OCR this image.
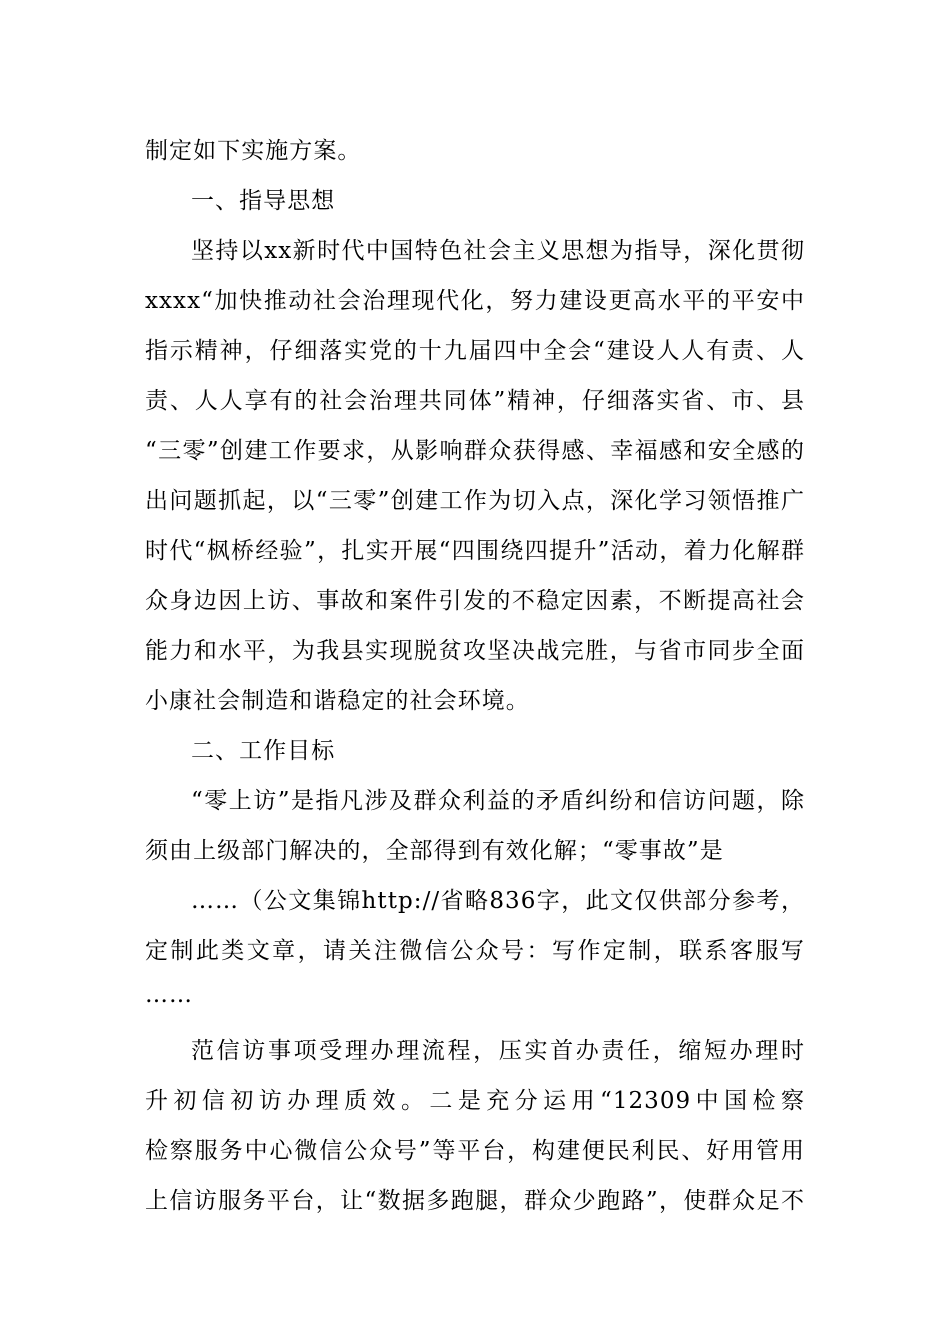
制定如下实施方案。
一、指导思想
坚持以xx新时代中国特色社会主义思想为指导，深化贯彻
xxxx“加快推动社会治理现代化，努力建设更高水平的平安中
指示精神，仔细落实党的十九届四中全会“建设人人有责、人
责、人人享有的社会治理共同体”精神，仔细落实省、市、县
“三零”创建工作要求，从影响群众获得感、幸福感和安全感的
出问题抓起，以“三零”创建工作为切入点，深化学习领悟推广
时代“枫桥经验”，扎实开展“四围绕四提升”活动，着力化解群
众身边因上访、事故和案件引发的不稳定因素，不断提高社会
能力和水平，为我县实现脱贫攻坚决战完胜，与省市同步全面
小康社会制造和谐稳定的社会环境。
二、工作目标
“零上访”是指凡涉及群众利益的矛盾纠纷和信访问题，除
须由上级部门解决的，全部得到有效化解；“零事故”是
……（公文集锦http://省略836字，此文仅供部分参考，
定制此类文章，请关注微信公众号：写作定制，联系客服写
……
范信访事项受理办理流程，压实首办责任，缩短办理时
升初信初访办理质效。二是充分运用“12309中国检察
检察服务中心微信公众号”等平台，构建便民利民、好用管用
上信访服务平台，让“数据多跑腿，群众少跑路”，使群众足不
